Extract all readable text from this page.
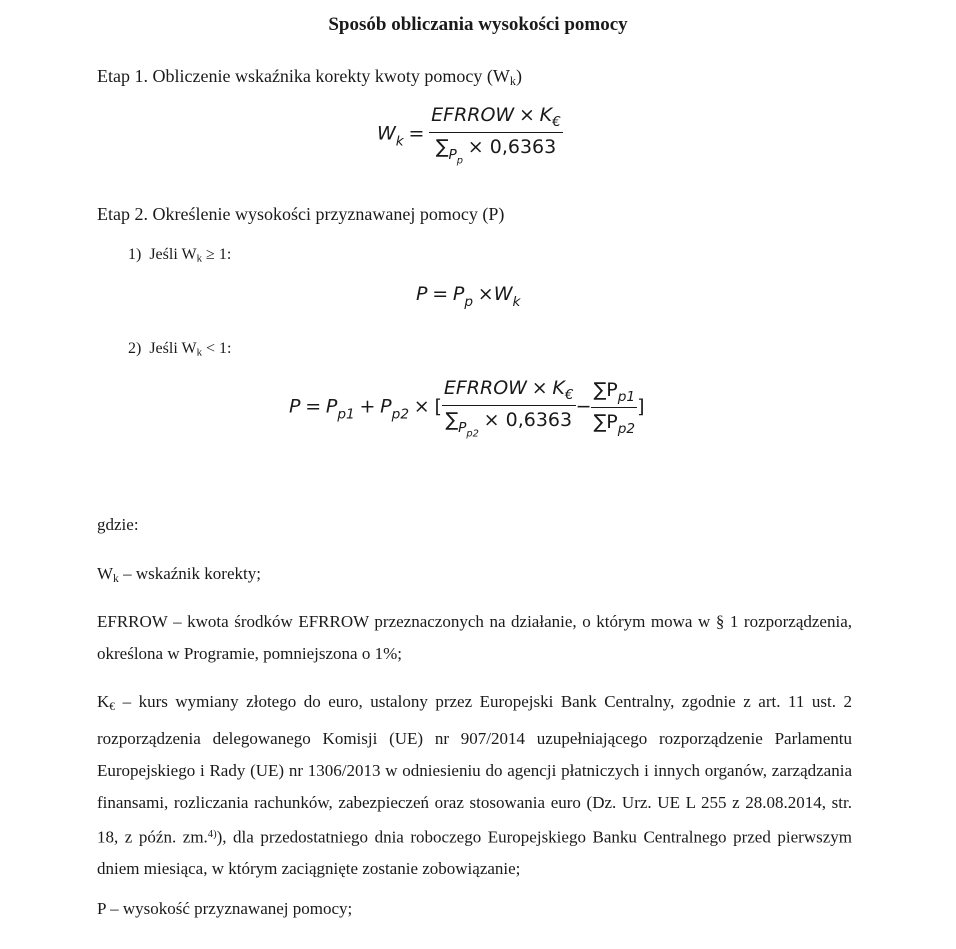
Sposób obliczania wysokości pomocy
Etap 1. Obliczenie wskaźnika korekty kwoty pomocy $(W_k)$
$W_k = \frac{EFRROW \times K_€}{\sum_{P_p} \times 0,6363}$
Etap 2. Określenie wysokości przyznawanej pomocy (P)
1) Jeśli $W_k \ge 1$:
$P = P_p \times W_k$
2) Jeśli $W_k < 1$:
$P = P_{p1} + P_{p2}$ × [ $\frac{EFRROW \times K_€}{\sum_{P_{p2}} \times 0,6363} - \frac{\sum P_{p1}}{\sum P_{p2}}$ ]
gdzie:
$W_k$ – wskaźnik korekty;
EFRROW – kwota środków EFRROW przeznaczonych na działanie, o którym mowa w § 1 rozporządzenia, określona w Programie, pomniejszona o 1%;
$K_€$ – kurs wymiany złotego do euro, ustalony przez Europejski Bank Centralny, zgodnie z art. 11 ust. 2 rozporządzenia delegowanego Komisji (UE) nr 907/2014 uzupełniającego rozporządzenie Parlamentu Europejskiego i Rady (UE) nr 1306/2013 w odniesieniu do agencji płatniczych i innych organów, zarządzania finansami, rozliczania rachunków, zabezpieczeń oraz stosowania euro (Dz. Urz. UE L 255 z 28.08.2014, str. 18, z późn. zm.$^{4)}$), dla przedostatniego dnia roboczego Europejskiego Banku Centralnego przed pierwszym dniem miesiąca, w którym zaciągnięte zostanie zobowiązanie;
P – wysokość przyznawanej pomocy;
